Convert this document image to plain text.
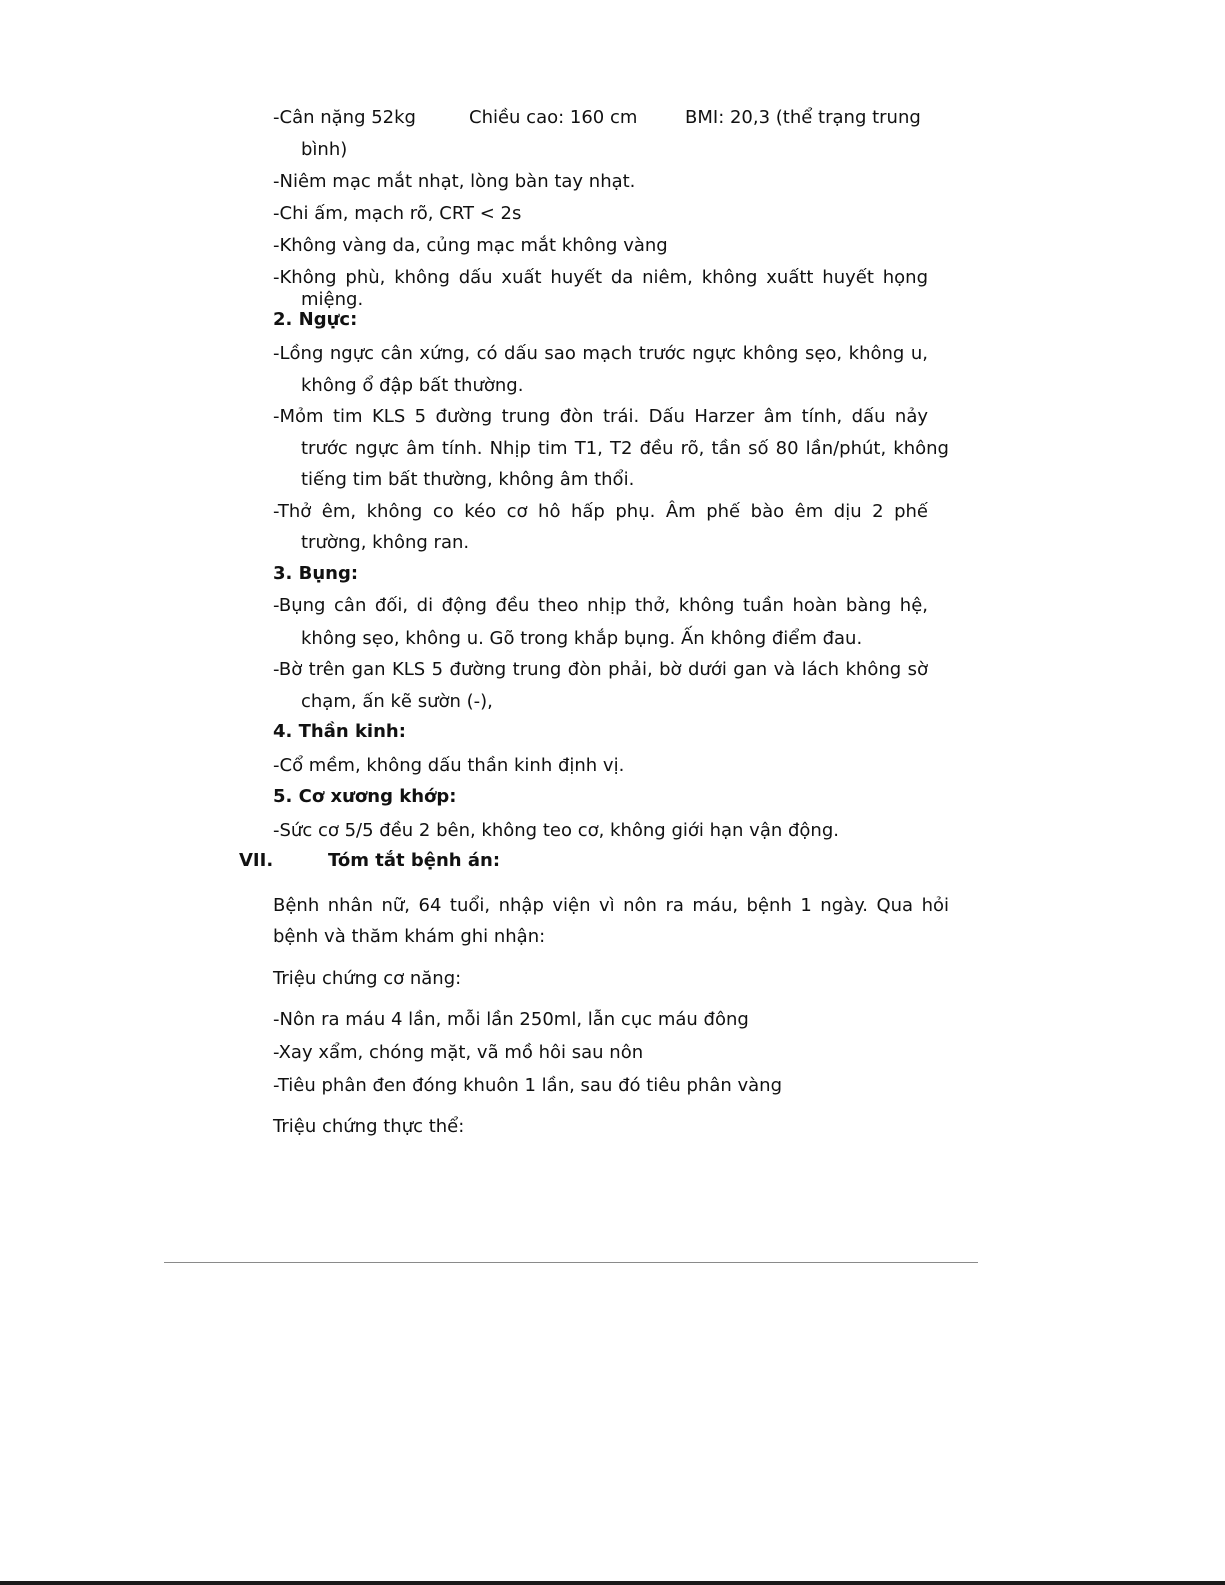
-Cân nặng 52kg	Chiều cao: 160 cm	BMI: 20,3 (thể trạng trung
bình)
-Niêm mạc mắt nhạt, lòng bàn tay nhạt.
-Chi ấm, mạch rõ, CRT < 2s
-Không vàng da, củng mạc mắt không vàng
-Không phù, không dấu xuất huyết da niêm, không xuấtt huyết họng
miệng.
2. Ngực:
-Lồng ngực cân xứng, có dấu sao mạch trước ngực không sẹo, không u,
không ổ đập bất thường.
-Mỏm tim KLS 5 đường trung đòn trái. Dấu Harzer âm tính, dấu nảy
trước ngực âm tính. Nhịp tim T1, T2 đều rõ, tần số 80 lần/phút, không
tiếng tim bất thường, không âm thổi.
-Thở êm, không co kéo cơ hô hấp phụ. Âm phế bào êm dịu 2 phế
trường, không ran.
3. Bụng:
-Bụng cân đối, di động đều theo nhịp thở, không tuần hoàn bàng hệ,
không sẹo, không u. Gõ trong khắp bụng. Ấn không điểm đau.
-Bờ trên gan KLS 5 đường trung đòn phải, bờ dưới gan và lách không sờ
chạm, ấn kẽ sườn (-),
4. Thần kinh:
-Cổ mềm, không dấu thần kinh định vị.
5. Cơ xương khớp:
-Sức cơ 5/5 đều 2 bên, không teo cơ, không giới hạn vận động.
VII.	Tóm tắt bệnh án:
Bệnh nhân nữ, 64 tuổi, nhập viện vì nôn ra máu, bệnh 1 ngày. Qua hỏi
bệnh và thăm khám ghi nhận:
Triệu chứng cơ năng:
-Nôn ra máu 4 lần, mỗi lần 250ml, lẫn cục máu đông
-Xay xẩm, chóng mặt, vã mồ hôi sau nôn
-Tiêu phân đen đóng khuôn 1 lần, sau đó tiêu phân vàng
Triệu chứng thực thể:
